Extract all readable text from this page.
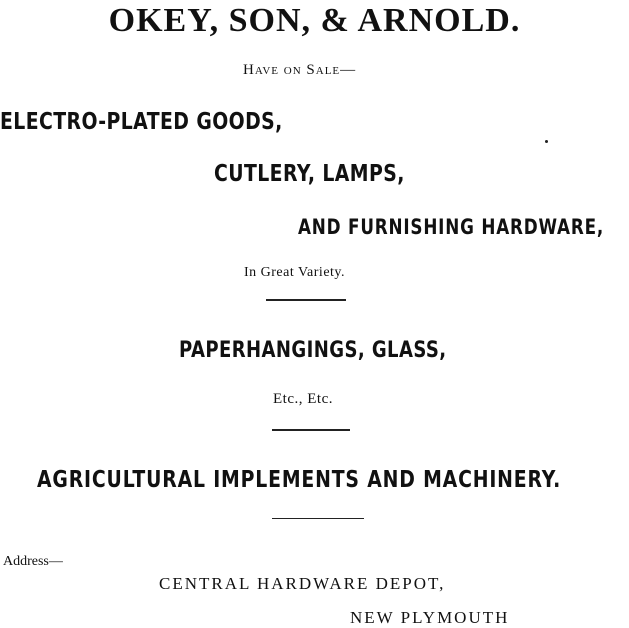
OKEY, SON, & ARNOLD.

Have on Sale—

ELECTRO-PLATED GOODS,
CUTLERY, LAMPS,
AND FURNISHING HARDWARE,

In Great Variety.

PAPERHANGINGS, GLASS,

Etc., Etc.

AGRICULTURAL IMPLEMENTS AND MACHINERY.

Address—

CENTRAL HARDWARE DEPOT,

NEW PLYMOUTH
